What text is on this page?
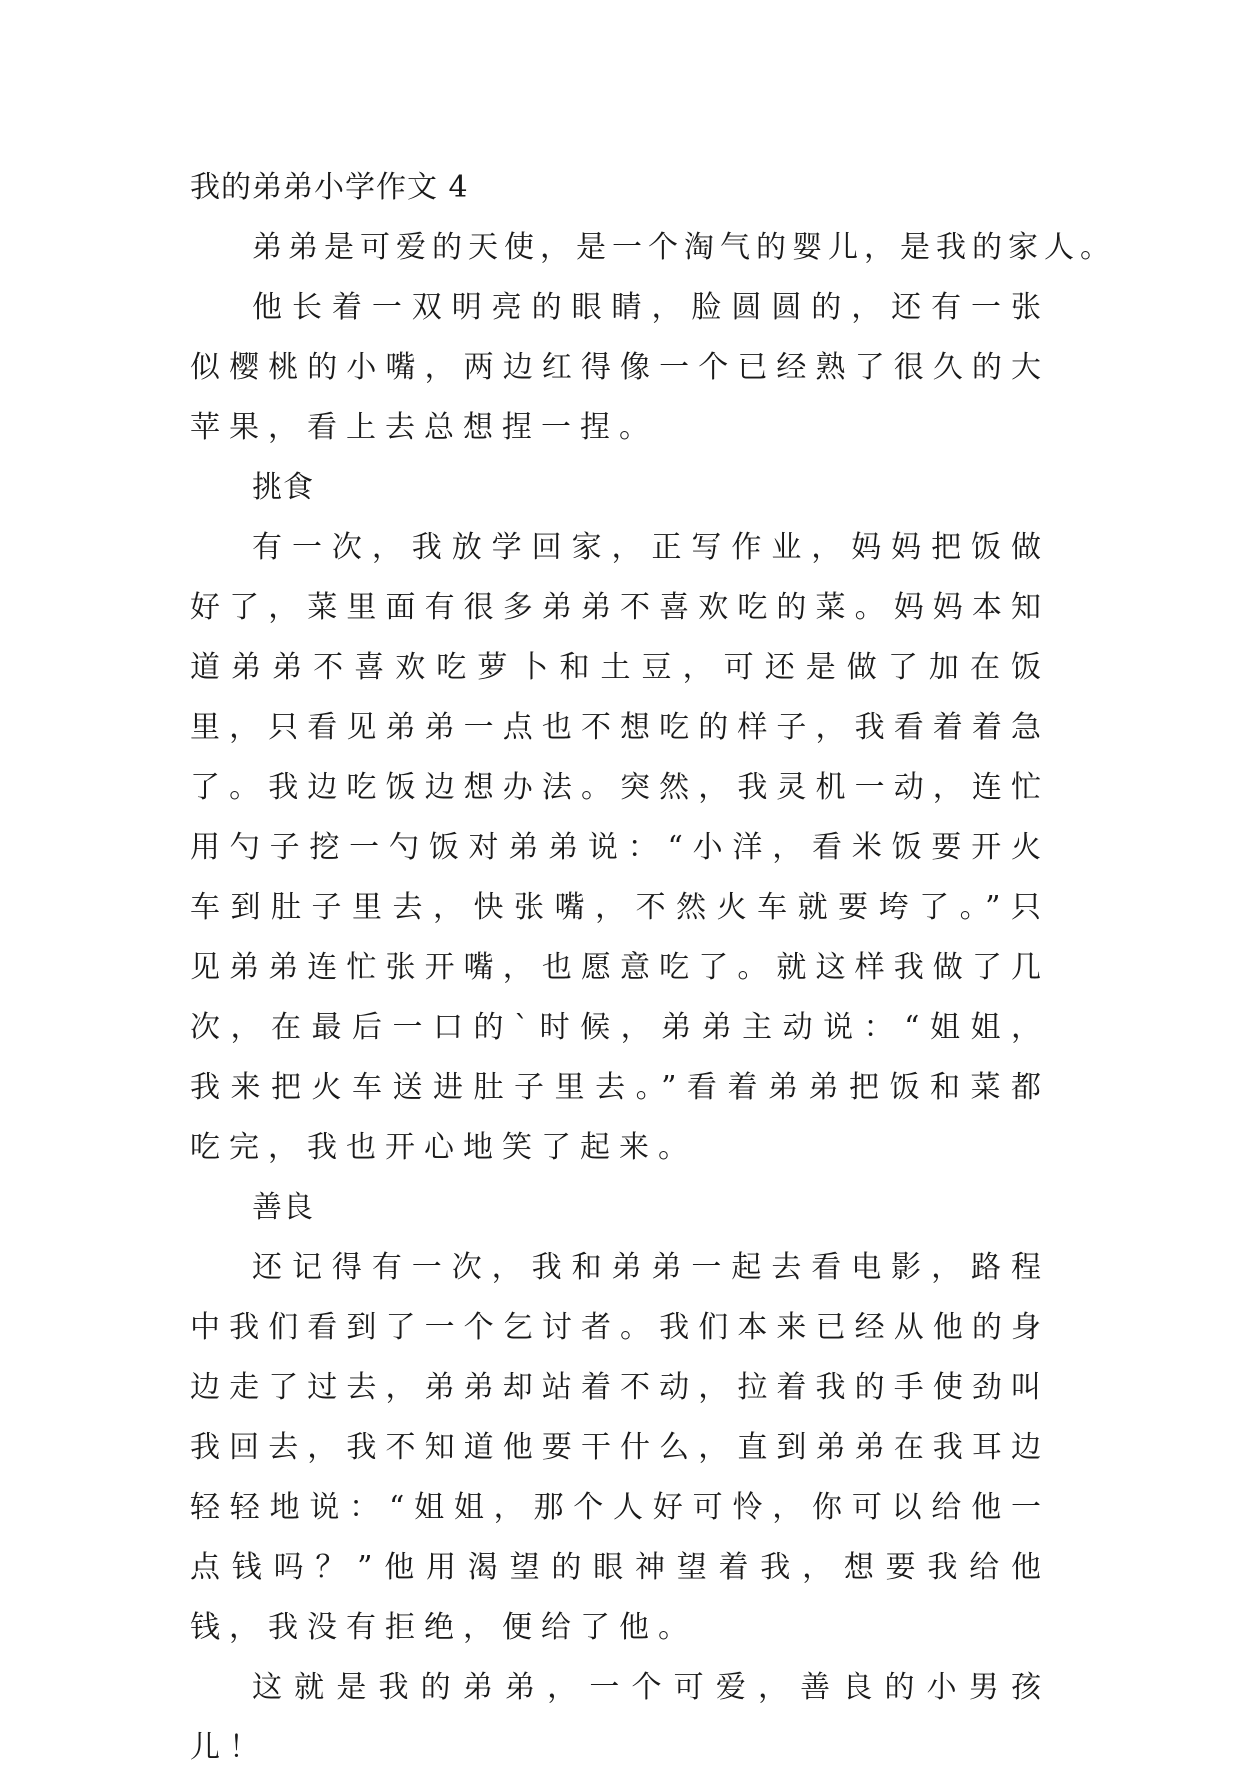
我的弟弟小学作文 4

弟弟是可爱的天使，是一个淘气的婴儿，是我的家人。

他长着一双明亮的眼睛，脸圆圆的，还有一张似樱桃的小嘴，两边红得像一个已经熟了很久的大苹果，看上去总想捏一捏。

挑食

有一次，我放学回家，正写作业，妈妈把饭做好了，菜里面有很多弟弟不喜欢吃的菜。妈妈本知道弟弟不喜欢吃萝卜和土豆，可还是做了加在饭里，只看见弟弟一点也不想吃的样子，我看着着急了。我边吃饭边想办法。突然，我灵机一动，连忙用勺子挖一勺饭对弟弟说：“小洋，看米饭要开火车到肚子里去，快张嘴，不然火车就要垮了。”只见弟弟连忙张开嘴，也愿意吃了。就这样我做了几次，在最后一口的`时候，弟弟主动说：“姐姐，我来把火车送进肚子里去。”看着弟弟把饭和菜都吃完，我也开心地笑了起来。

善良

还记得有一次，我和弟弟一起去看电影，路程中我们看到了一个乞讨者。我们本来已经从他的身边走了过去，弟弟却站着不动，拉着我的手使劲叫我回去，我不知道他要干什么，直到弟弟在我耳边轻轻地说：“姐姐，那个人好可怜，你可以给他一点钱吗？”他用渴望的眼神望着我，想要我给他钱，我没有拒绝，便给了他。

这就是我的弟弟，一个可爱，善良的小男孩儿！
